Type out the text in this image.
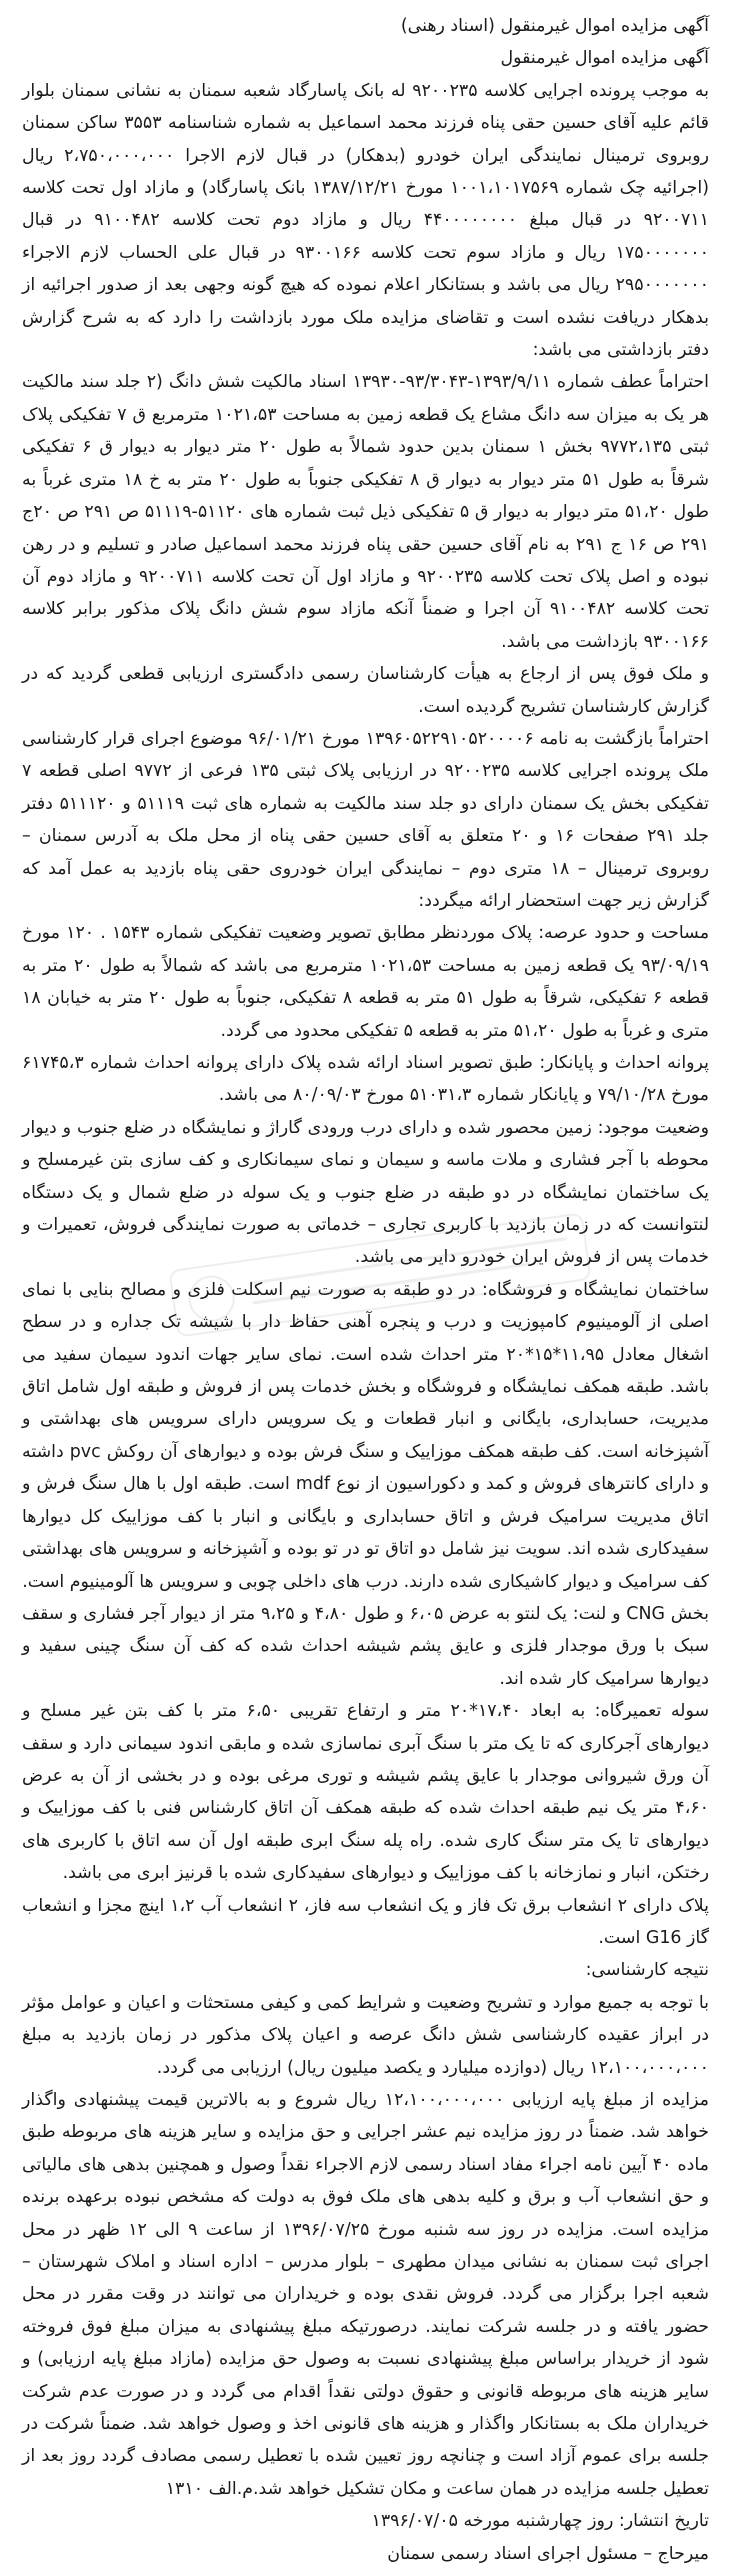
آگهی مزایده اموال غیرمنقول (اسناد رهنی)

آگهی مزایده اموال غیرمنقول

به موجب پرونده اجرایی کلاسه ۹۲۰۰۲۳۵ له بانک پاسارگاد شعبه سمنان به نشانی سمنان بلوار قائم علیه آقای حسین حقی پناه فرزند محمد اسماعیل به شماره شناسنامه ۳۵۵۳ ساکن سمنان روبروی ترمینال نمایندگی ایران خودرو (بدهکار) در قبال لازم الاجرا ۲،۷۵۰،۰۰۰،۰۰۰ ریال (اجرائیه چک شماره ۱۰۰۱،۱۰۱۷۵۶۹ مورخ ۱۳۸۷/۱۲/۲۱ بانک پاسارگاد) و مازاد اول تحت کلاسه ۹۲۰۰۷۱۱ در قبال مبلغ ۴۴۰۰۰۰۰۰۰۰ ریال و مازاد دوم تحت کلاسه ۹۱۰۰۴۸۲ در قبال ۱۷۵۰۰۰۰۰۰۰ ریال و مازاد سوم تحت کلاسه ۹۳۰۰۱۶۶ در قبال علی الحساب لازم الاجراء ۲۹۵۰۰۰۰۰۰۰ ریال می باشد و بستانکار اعلام نموده که هیچ گونه وجهی بعد از صدور اجرائیه از بدهکار دریافت نشده است و تقاضای مزایده ملک مورد بازداشت را دارد که به شرح گزارش دفتر بازداشتی می باشد:

احتراماً عطف شماره ۱۳۹۳/۹/۱۱-۹۳/۳۰۴۳-۱۳۹۳۰ اسناد مالکیت شش دانگ (۲ جلد سند مالکیت هر یک به میزان سه دانگ مشاع یک قطعه زمین به مساحت ۱۰۲۱،۵۳ مترمربع ق ۷ تفکیکی پلاک ثبتی ۹۷۷۲،۱۳۵ بخش ۱ سمنان بدین حدود شمالاً به طول ۲۰ متر دیوار به دیوار ق ۶ تفکیکی شرقاً به طول ۵۱ متر دیوار به دیوار ق ۸ تفکیکی جنوباً به طول ۲۰ متر به خ ۱۸ متری غرباً به طول ۵۱،۲۰ متر دیوار به دیوار ق ۵ تفکیکی ذیل ثبت شماره های ۵۱۱۲۰-۵۱۱۱۹ ص ۲۹۱ ص ۲۰ج ۲۹۱ ص ۱۶ ج ۲۹۱ به نام آقای حسین حقی پناه فرزند محمد اسماعیل صادر و تسلیم و در رهن نبوده و اصل پلاک تحت کلاسه ۹۲۰۰۲۳۵ و مازاد اول آن تحت کلاسه ۹۲۰۰۷۱۱ و مازاد دوم آن تحت کلاسه ۹۱۰۰۴۸۲ آن اجرا و ضمناً آنکه مازاد سوم شش دانگ پلاک مذکور برابر کلاسه ۹۳۰۰۱۶۶ بازداشت می باشد.

و ملک فوق پس از ارجاع به هیأت کارشناسان رسمی دادگستری ارزیابی قطعی گردید که در گزارش کارشناسان تشریح گردیده است.

احتراماً بازگشت به نامه ۱۳۹۶۰۵۲۲۹۱۰۵۲۰۰۰۰۶ مورخ ۹۶/۰۱/۲۱ موضوع اجرای قرار کارشناسی ملک پرونده اجرایی کلاسه ۹۲۰۰۲۳۵ در ارزیابی پلاک ثبتی ۱۳۵ فرعی از ۹۷۷۲ اصلی قطعه ۷ تفکیکی بخش یک سمنان دارای دو جلد سند مالکیت به شماره های ثبت ۵۱۱۱۹ و ۵۱۱۱۲۰ دفتر جلد ۲۹۱ صفحات ۱۶ و ۲۰ متعلق به آقای حسین حقی پناه از محل ملک به آدرس سمنان – روبروی ترمینال – ۱۸ متری دوم – نمایندگی ایران خودروی حقی پناه بازدید به عمل آمد که گزارش زیر جهت استحضار ارائه میگردد:

مساحت و حدود عرصه: پلاک موردنظر مطابق تصویر وضعیت تفکیکی شماره ۱۵۴۳ . ۱۲۰ مورخ ۹۳/۰۹/۱۹ یک قطعه زمین به مساحت ۱۰۲۱،۵۳ مترمربع می باشد که شمالاً به طول ۲۰ متر به قطعه ۶ تفکیکی، شرقاً به طول ۵۱ متر به قطعه ۸ تفکیکی، جنوباً به طول ۲۰ متر به خیابان ۱۸ متری و غرباً به طول ۵۱،۲۰ متر به قطعه ۵ تفکیکی محدود می گردد.

پروانه احداث و پایانکار: طبق تصویر اسناد ارائه شده پلاک دارای پروانه احداث شماره ۶۱۷۴۵،۳ مورخ ۷۹/۱۰/۲۸ و پایانکار شماره ۵۱۰۳۱،۳ مورخ ۸۰/۰۹/۰۳ می باشد.

وضعیت موجود: زمین محصور شده و دارای درب ورودی گاراژ و نمایشگاه در ضلع جنوب و دیوار محوطه با آجر فشاری و ملات ماسه و سیمان و نمای سیمانکاری و کف سازی بتن غیرمسلح و یک ساختمان نمایشگاه در دو طبقه در ضلع جنوب و یک سوله در ضلع شمال و یک دستگاه لنتوانست که در زمان بازدید با کاربری تجاری – خدماتی به صورت نمایندگی فروش، تعمیرات و خدمات پس از فروش ایران خودرو دایر می باشد.

ساختمان نمایشگاه و فروشگاه: در دو طبقه به صورت نیم اسکلت فلزی و مصالح بنایی با نمای اصلی از آلومینیوم کامپوزیت و درب و پنجره آهنی حفاظ دار با شیشه تک جداره و در سطح اشغال معادل ۱۱،۹۵*۱۵*۲۰ متر احداث شده است. نمای سایر جهات اندود سیمان سفید می باشد. طبقه همکف نمایشگاه و فروشگاه و بخش خدمات پس از فروش و طبقه اول شامل اتاق مدیریت، حسابداری، بایگانی و انبار قطعات و یک سرویس دارای سرویس های بهداشتی و آشپزخانه است. کف طبقه همکف موزاییک و سنگ فرش بوده و دیوارهای آن روکش pvc داشته و دارای کانترهای فروش و کمد و دکوراسیون از نوع mdf است. طبقه اول با هال سنگ فرش و اتاق مدیریت سرامیک فرش و اتاق حسابداری و بایگانی و انبار با کف موزاییک کل دیوارها سفیدکاری شده اند. سویت نیز شامل دو اتاق تو در تو بوده و آشپزخانه و سرویس های بهداشتی کف سرامیک و دیوار کاشیکاری شده دارند. درب های داخلی چوبی و سرویس ها آلومینیوم است.

بخش CNG و لنت: یک لنتو به عرض ۶،۰۵ و طول ۴،۸۰ و ۹،۲۵ متر از دیوار آجر فشاری و سقف سبک با ورق موجدار فلزی و عایق پشم شیشه احداث شده که کف آن سنگ چینی سفید و دیوارها سرامیک کار شده اند.

سوله تعمیرگاه: به ابعاد ۱۷،۴۰*۲۰ متر و ارتفاع تقریبی ۶،۵۰ متر با کف بتن غیر مسلح و دیوارهای آجرکاری که تا یک متر با سنگ آبری نماسازی شده و مابقی اندود سیمانی دارد و سقف آن ورق شیروانی موجدار با عایق پشم شیشه و توری مرغی بوده و در بخشی از آن به عرض ۴،۶۰ متر یک نیم طبقه احداث شده که طبقه همکف آن اتاق کارشناس فنی با کف موزاییک و دیوارهای تا یک متر سنگ کاری شده. راه پله سنگ ابری طبقه اول آن سه اتاق با کاربری های رختکن، انبار و نمازخانه با کف موزاییک و دیوارهای سفیدکاری شده با قرنیز ابری می باشد.

پلاک دارای ۲ انشعاب برق تک فاز و یک انشعاب سه فاز، ۲ انشعاب آب ۱،۲ اینچ مجزا و انشعاب گاز G16 است.

نتیجه کارشناسی:

با توجه به جمیع موارد و تشریح وضعیت و شرایط کمی و کیفی مستحثات و اعیان و عوامل مؤثر در ابراز عقیده کارشناسی شش دانگ عرصه و اعیان پلاک مذکور در زمان بازدید به مبلغ ۱۲،۱۰۰،۰۰۰،۰۰۰ ریال (دوازده میلیارد و یکصد میلیون ریال) ارزیابی می گردد.

مزایده از مبلغ پایه ارزیابی ۱۲،۱۰۰،۰۰۰،۰۰۰ ریال شروع و به بالاترین قیمت پیشنهادی واگذار خواهد شد. ضمناً در روز مزایده نیم عشر اجرایی و حق مزایده و سایر هزینه های مربوطه طبق ماده ۴۰ آیین نامه اجراء مفاد اسناد رسمی لازم الاجراء نقداً وصول و همچنین بدهی های مالیاتی و حق انشعاب آب و برق و کلیه بدهی های ملک فوق به دولت که مشخص نبوده برعهده برنده مزایده است. مزایده در روز سه شنبه مورخ ۱۳۹۶/۰۷/۲۵ از ساعت ۹ الی ۱۲ ظهر در محل اجرای ثبت سمنان به نشانی میدان مطهری – بلوار مدرس – اداره اسناد و املاک شهرستان – شعبه اجرا برگزار می گردد. فروش نقدی بوده و خریداران می توانند در وقت مقرر در محل حضور یافته و در جلسه شرکت نمایند. درصورتیکه مبلغ پیشنهادی به میزان مبلغ فوق فروخته شود از خریدار براساس مبلغ پیشنهادی نسبت به وصول حق مزایده (مازاد مبلغ پایه ارزیابی) و سایر هزینه های مربوطه قانونی و حقوق دولتی نقداً اقدام می گردد و در صورت عدم شرکت خریداران ملک به بستانکار واگذار و هزینه های قانونی اخذ و وصول خواهد شد. ضمناً شرکت در جلسه برای عموم آزاد است و چنانچه روز تعیین شده با تعطیل رسمی مصادف گردد روز بعد از تعطیل جلسه مزایده در همان ساعت و مکان تشکیل خواهد شد.م.الف ۱۳۱۰

تاریخ انتشار: روز چهارشنبه مورخه ۱۳۹۶/۰۷/۰۵

میرحاج – مسئول اجرای اسناد رسمی سمنان
